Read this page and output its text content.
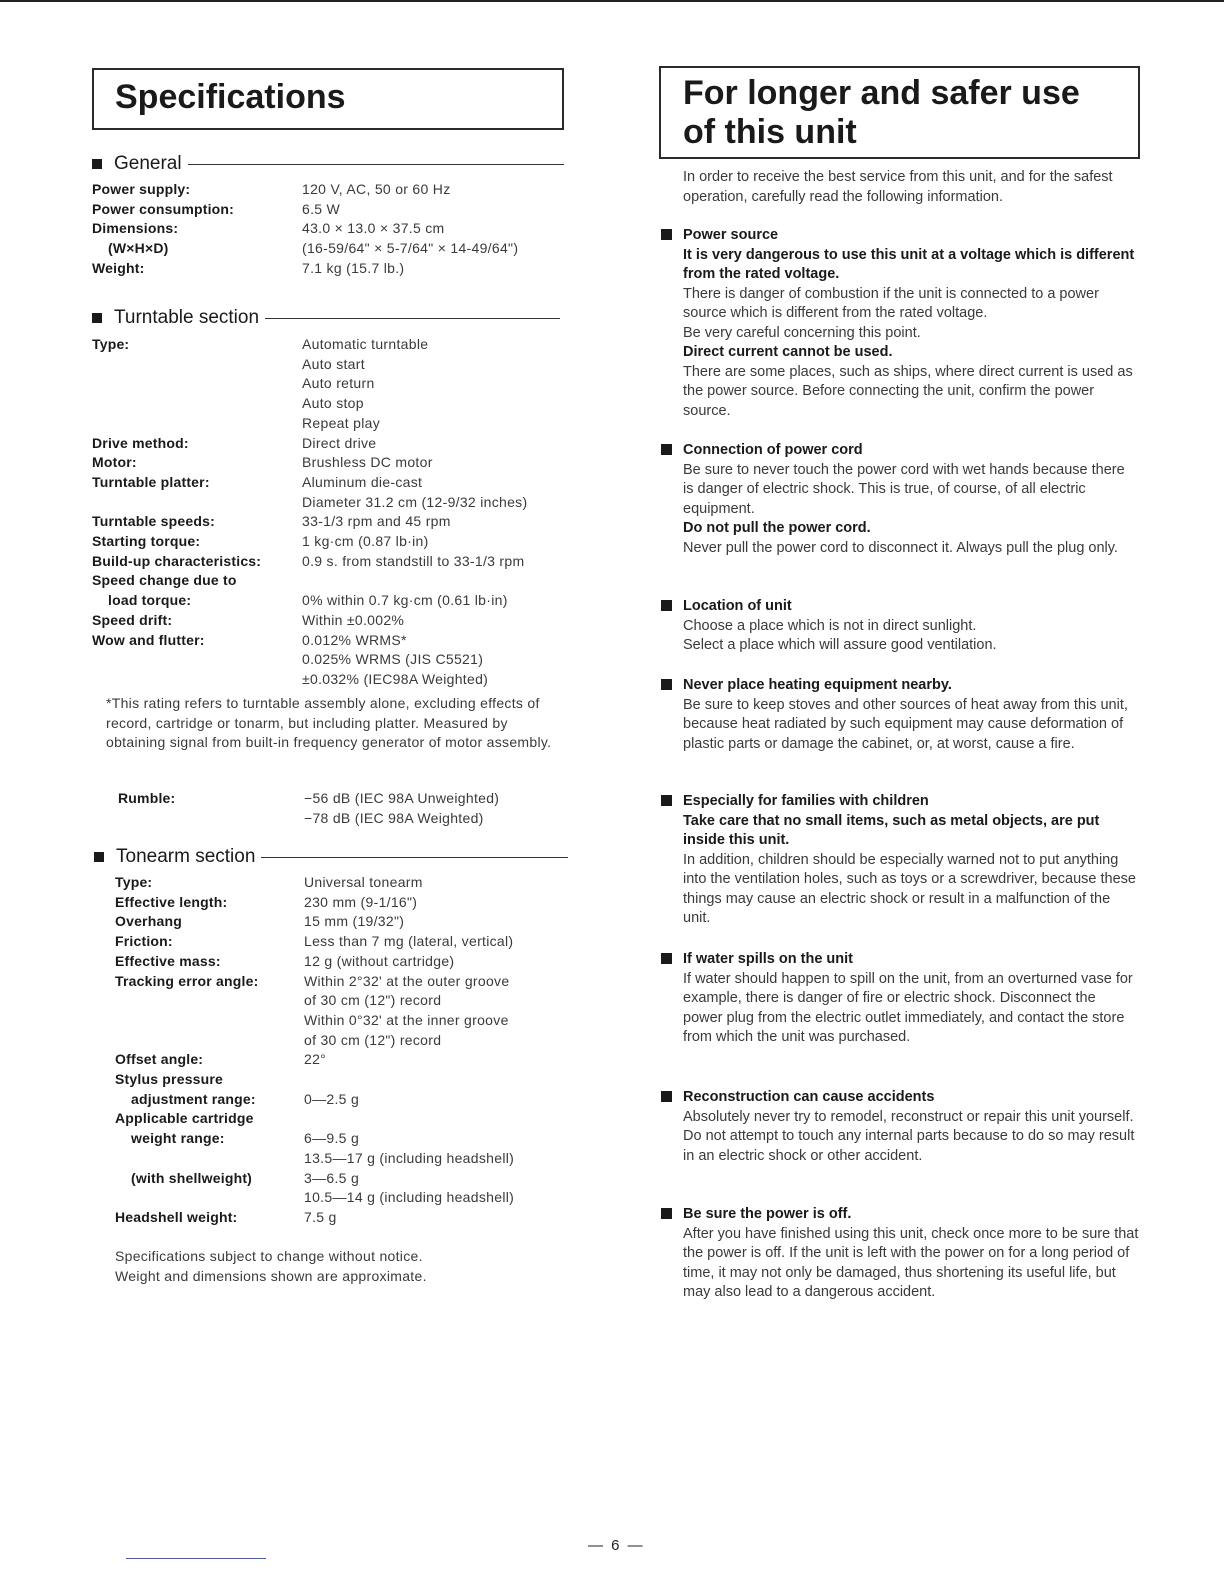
Specifications
General
Power supply:	120 V, AC, 50 or 60 Hz
Power consumption:	6.5 W
Dimensions:	43.0 × 13.0 × 37.5 cm
(W×H×D)	(16-59/64" × 5-7/64" × 14-49/64")
Weight:	7.1 kg (15.7 lb.)
Turntable section
Type:	Automatic turntable
Auto start
Auto return
Auto stop
Repeat play
Drive method:	Direct drive
Motor:	Brushless DC motor
Turntable platter:	Aluminum die-cast
Diameter 31.2 cm (12-9/32 inches)
Turntable speeds:	33-1/3 rpm and 45 rpm
Starting torque:	1 kg·cm (0.87 lb·in)
Build-up characteristics:	0.9 s. from standstill to 33-1/3 rpm
Speed change due to
load torque:	0% within 0.7 kg·cm (0.61 lb·in)
Speed drift:	Within ±0.002%
Wow and flutter:	0.012% WRMS*
0.025% WRMS (JIS C5521)
±0.032% (IEC98A Weighted)
*This rating refers to turntable assembly alone, excluding effects of record, cartridge or tonarm, but including platter. Measured by obtaining signal from built-in frequency generator of motor assembly.
Rumble:	−56 dB (IEC 98A Unweighted)
−78 dB (IEC 98A Weighted)
Tonearm section
Type:	Universal tonearm
Effective length:	230 mm (9-1/16")
Overhang	15 mm (19/32")
Friction:	Less than 7 mg (lateral, vertical)
Effective mass:	12 g (without cartridge)
Tracking error angle:	Within 2°32' at the outer groove
of 30 cm (12") record
Within 0°32' at the inner groove
of 30 cm (12") record
Offset angle:	22°
Stylus pressure
adjustment range:	0—2.5 g
Applicable cartridge
weight range:	6—9.5 g
13.5—17 g (including headshell)
(with shellweight)	3—6.5 g
10.5—14 g (including headshell)
Headshell weight:	7.5 g
Specifications subject to change without notice.
Weight and dimensions shown are approximate.
For longer and safer use
of this unit
In order to receive the best service from this unit, and for the safest operation, carefully read the following information.

Power source

It is very dangerous to use this unit at a voltage which is different from the rated voltage.

There is danger of combustion if the unit is connected to a power source which is different from the rated voltage.

Be very careful concerning this point.

Direct current cannot be used.

There are some places, such as ships, where direct current is used as the power source. Before connecting the unit, confirm the power source.

Connection of power cord

Be sure to never touch the power cord with wet hands because there is danger of electric shock. This is true, of course, of all electric equipment.

Do not pull the power cord.

Never pull the power cord to disconnect it. Always pull the plug only.

Location of unit

Choose a place which is not in direct sunlight.

Select a place which will assure good ventilation.

Never place heating equipment nearby.

Be sure to keep stoves and other sources of heat away from this unit, because heat radiated by such equipment may cause deformation of plastic parts or damage the cabinet, or, at worst, cause a fire.

Especially for families with children

Take care that no small items, such as metal objects, are put inside this unit.

In addition, children should be especially warned not to put anything into the ventilation holes, such as toys or a screwdriver, because these things may cause an electric shock or result in a malfunction of the unit.

If water spills on the unit

If water should happen to spill on the unit, from an overturned vase for example, there is danger of fire or electric shock. Disconnect the power plug from the electric outlet immediately, and contact the store from which the unit was purchased.

Reconstruction can cause accidents

Absolutely never try to remodel, reconstruct or repair this unit yourself. Do not attempt to touch any internal parts because to do so may result in an electric shock or other accident.

Be sure the power is off.

After you have finished using this unit, check once more to be sure that the power is off. If the unit is left with the power on for a long period of time, it may not only be damaged, thus shortening its useful life, but may also lead to a dangerous accident.

— 6 —
